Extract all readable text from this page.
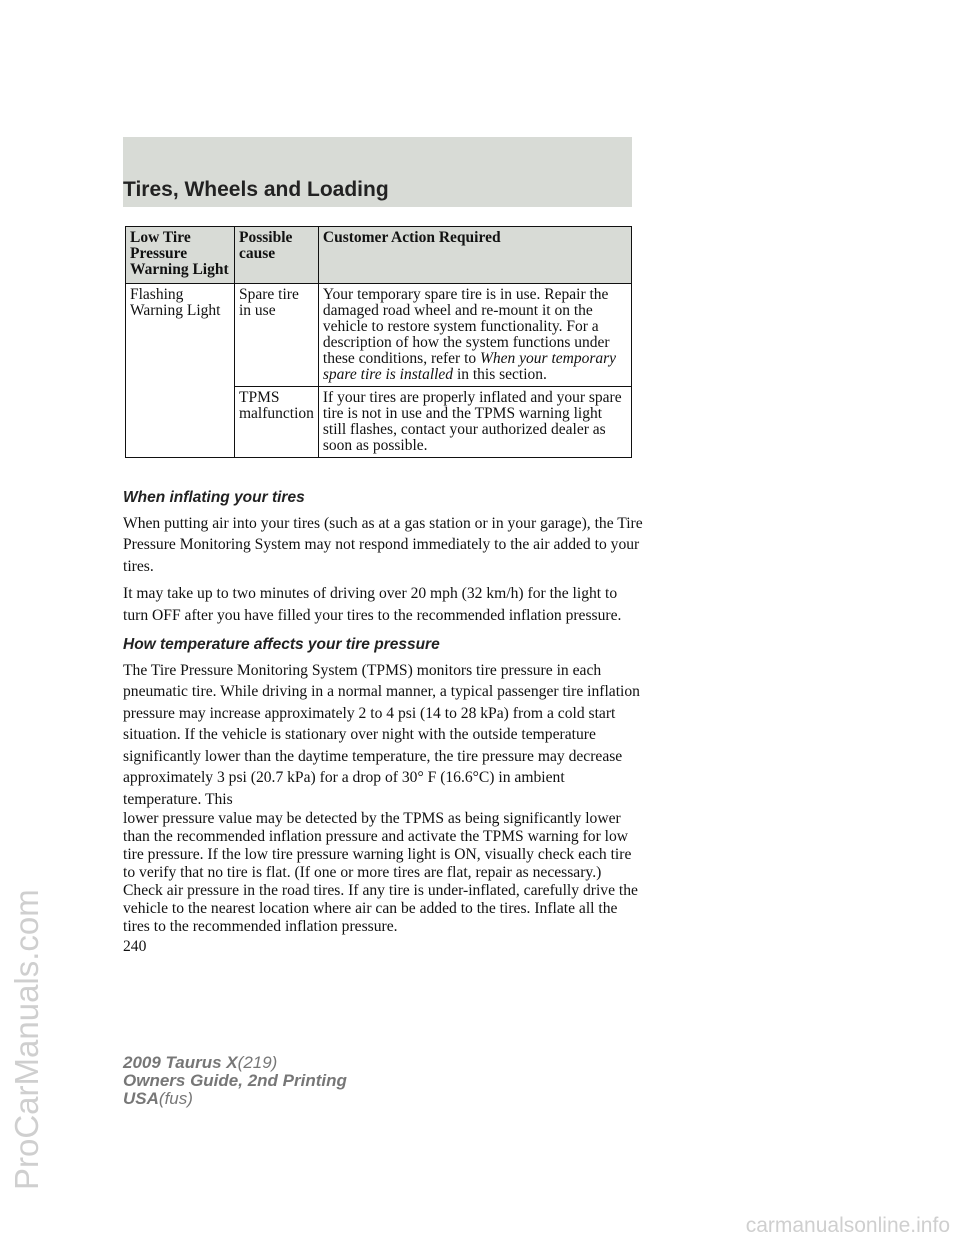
Tires, Wheels and Loading
Low Tire Pressure Warning Light	Possible cause	Customer Action Required
Flashing Warning Light	Spare tire in use	Your temporary spare tire is in use. Repair the damaged road wheel and re-mount it on the vehicle to restore system functionality. For a description of how the system functions under these conditions, refer to When your temporary spare tire is installed in this section.
	TPMS malfunction	If your tires are properly inflated and your spare tire is not in use and the TPMS warning light still flashes, contact your authorized dealer as soon as possible.
When inflating your tires

When putting air into your tires (such as at a gas station or in your garage), the Tire Pressure Monitoring System may not respond immediately to the air added to your tires.

It may take up to two minutes of driving over 20 mph (32 km/h) for the light to turn OFF after you have filled your tires to the recommended inflation pressure.

How temperature affects your tire pressure

The Tire Pressure Monitoring System (TPMS) monitors tire pressure in each pneumatic tire. While driving in a normal manner, a typical passenger tire inflation pressure may increase approximately 2 to 4 psi (14 to 28 kPa) from a cold start situation. If the vehicle is stationary over night with the outside temperature significantly lower than the daytime temperature, the tire pressure may decrease approximately 3 psi (20.7 kPa) for a drop of 30° F (16.6°C) in ambient temperature. This

lower pressure value may be detected by the TPMS as being significantly lower than the recommended inflation pressure and activate the TPMS warning for low tire pressure. If the low tire pressure warning light is ON, visually check each tire to verify that no tire is flat. (If one or more tires are flat, repair as necessary.) Check air pressure in the road tires. If any tire is under-inflated, carefully drive the vehicle to the nearest location where air can be added to the tires. Inflate all the tires to the recommended inflation pressure.

240
2009 Taurus X(219)
Owners Guide, 2nd Printing
USA(fus)
ProCarManuals.com
carmanualsonline.info
